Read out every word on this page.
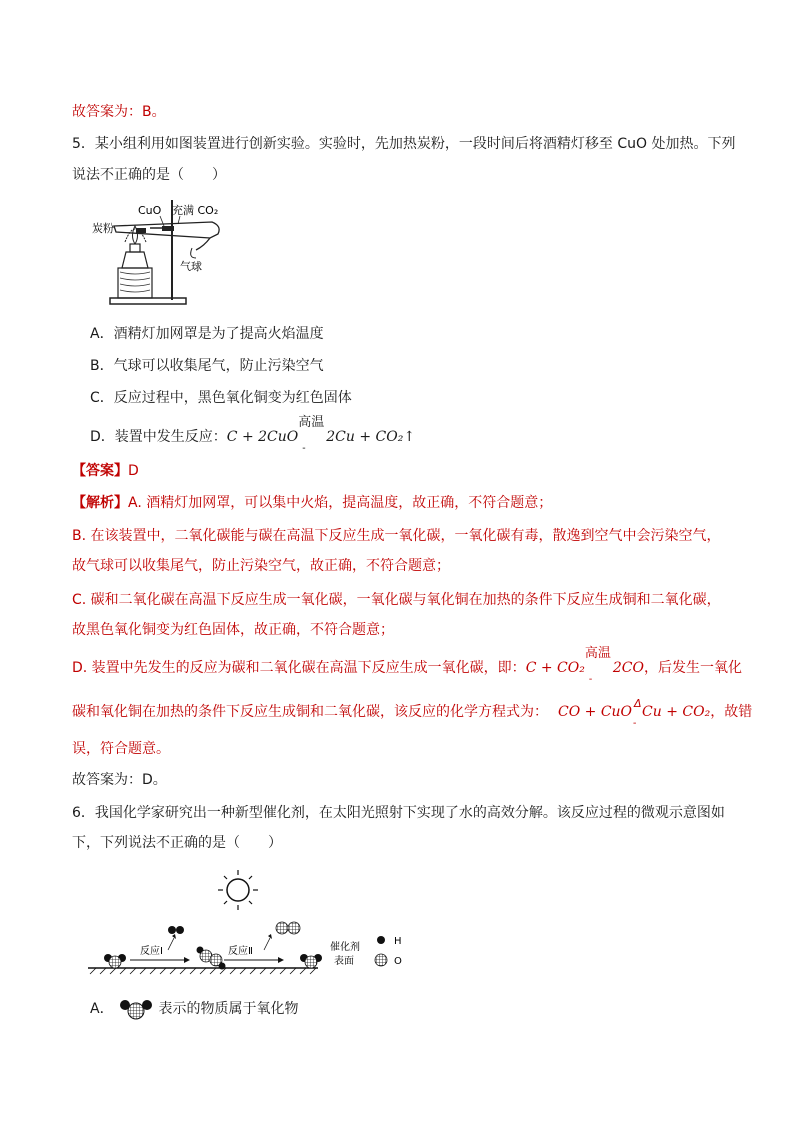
故答案为：B。
5．某小组利用如图装置进行创新实验。实验时，先加热炭粉，一段时间后将酒精灯移至 CuO 处加热。下列
说法不正确的是（　　）
CuO 充满 CO₂
炭粉
气球
A．酒精灯加网罩是为了提高火焰温度
B．气球可以收集尾气，防止污染空气
C．反应过程中，黑色氧化铜变为红色固体
D．装置中发生反应：C + 2CuO
高温
-
2Cu + CO₂↑
【答案】D
【解析】A. 酒精灯加网罩，可以集中火焰，提高温度，故正确，不符合题意；
B. 在该装置中，二氧化碳能与碳在高温下反应生成一氧化碳，一氧化碳有毒，散逸到空气中会污染空气，
故气球可以收集尾气，防止污染空气，故正确，不符合题意；
C. 碳和二氧化碳在高温下反应生成一氧化碳，一氧化碳与氧化铜在加热的条件下反应生成铜和二氧化碳，
故黑色氧化铜变为红色固体，故正确，不符合题意；
D. 装置中先发生的反应为碳和二氧化碳在高温下反应生成一氧化碳，即：C + CO₂
高温
-
2CO，后发生一氧化
碳和氧化铜在加热的条件下反应生成铜和二氧化碳，该反应的化学方程式为： CO + CuO
Δ
-
Cu + CO₂，故错
误，符合题意。
故答案为：D。
6．我国化学家研究出一种新型催化剂，在太阳光照射下实现了水的高效分解。该反应过程的微观示意图如
下，下列说法不正确的是（　　）
反应Ⅰ	反应Ⅱ	催化剂
表面
H
O
A．	表示的物质属于氧化物
